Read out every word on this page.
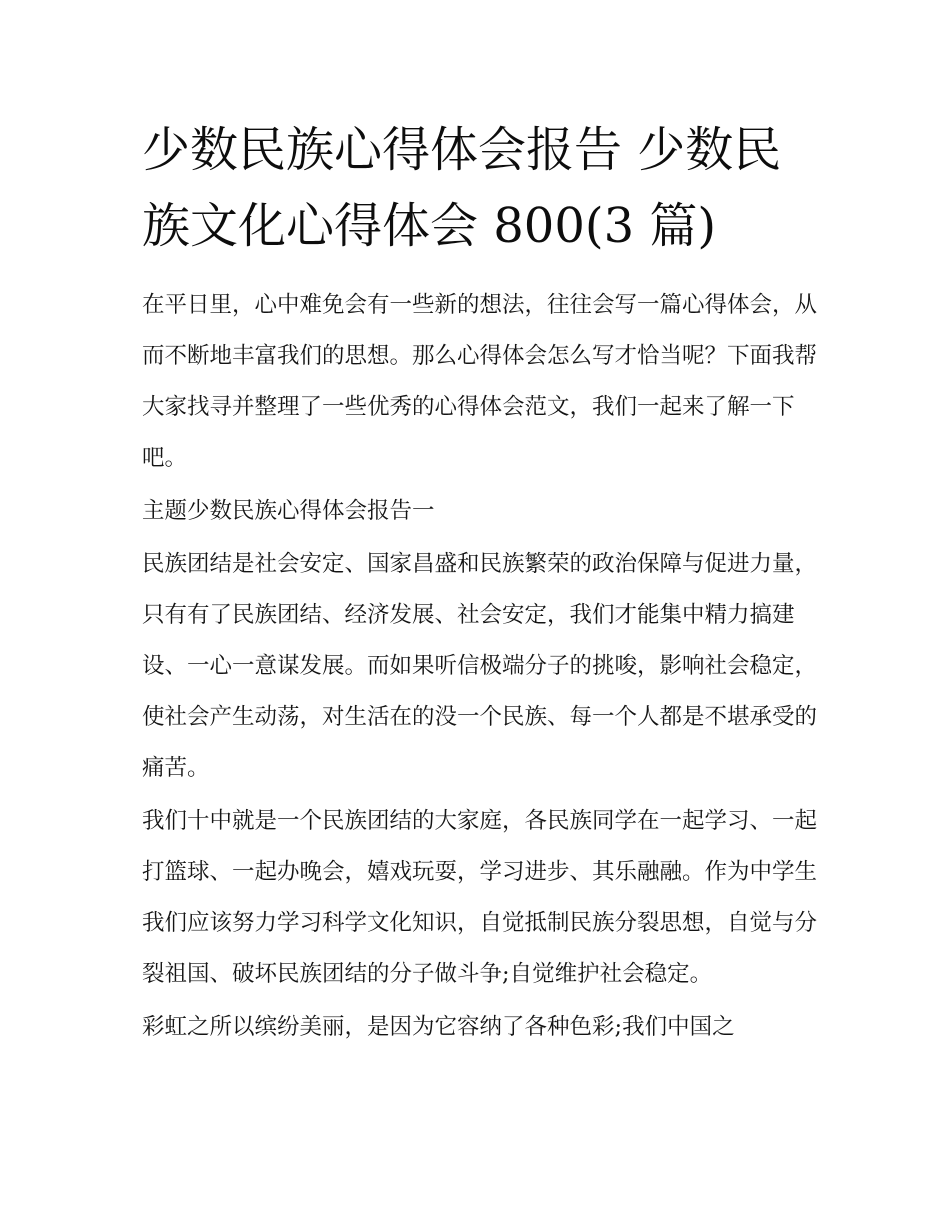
少数民族心得体会报告 少数民
族文化心得体会 800(3 篇)

在平日里，心中难免会有一些新的想法，往往会写一篇心得体会，从而不断地丰富我们的思想。那么心得体会怎么写才恰当呢？下面我帮大家找寻并整理了一些优秀的心得体会范文，我们一起来了解一下吧。

主题少数民族心得体会报告一

民族团结是社会安定、国家昌盛和民族繁荣的政治保障与促进力量，只有有了民族团结、经济发展、社会安定，我们才能集中精力搞建设、一心一意谋发展。而如果听信极端分子的挑唆，影响社会稳定，使社会产生动荡，对生活在的没一个民族、每一个人都是不堪承受的痛苦。

我们十中就是一个民族团结的大家庭，各民族同学在一起学习、一起打篮球、一起办晚会，嬉戏玩耍，学习进步、其乐融融。作为中学生我们应该努力学习科学文化知识，自觉抵制民族分裂思想，自觉与分裂祖国、破坏民族团结的分子做斗争;自觉维护社会稳定。

彩虹之所以缤纷美丽，是因为它容纳了各种色彩;我们中国之
